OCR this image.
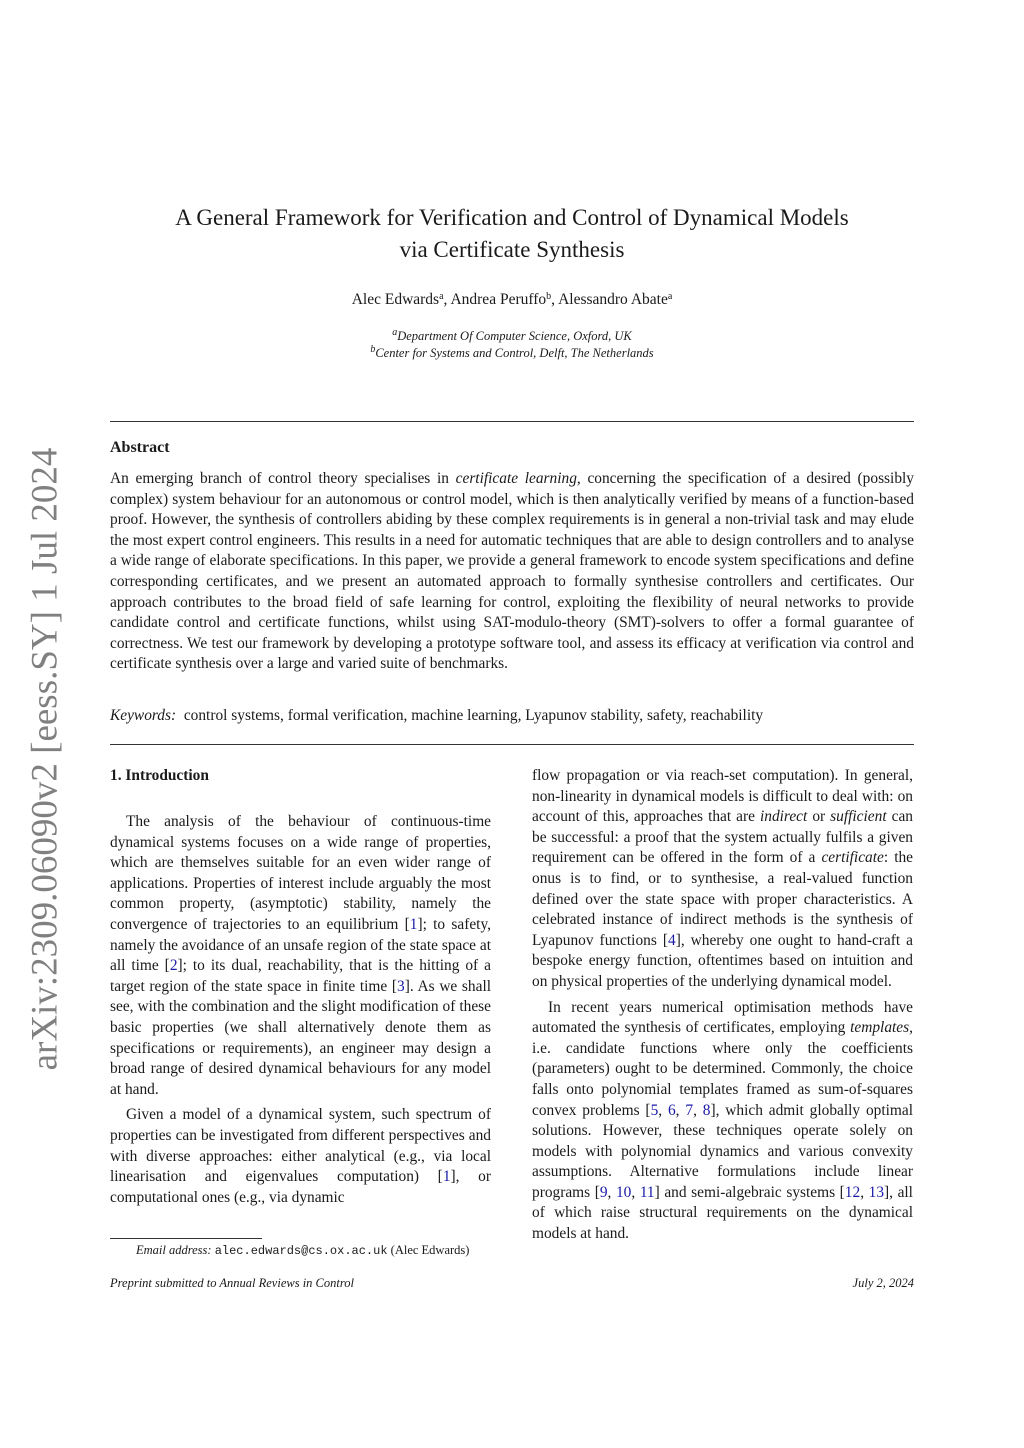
arXiv:2309.06090v2 [eess.SY] 1 Jul 2024
A General Framework for Verification and Control of Dynamical Models
via Certificate Synthesis
Alec Edwards$^a$, Andrea Peruffo$^b$, Alessandro Abate$^a$
$^a$Department Of Computer Science, Oxford, UK
$^b$Center for Systems and Control, Delft, The Netherlands
Abstract

An emerging branch of control theory specialises in certificate learning, concerning the specification of a desired (possibly complex) system behaviour for an autonomous or control model, which is then analytically verified by means of a function-based proof. However, the synthesis of controllers abiding by these complex requirements is in general a non-trivial task and may elude the most expert control engineers. This results in a need for automatic techniques that are able to design controllers and to analyse a wide range of elaborate specifications. In this paper, we provide a general framework to encode system specifications and define corresponding certificates, and we present an automated approach to formally synthesise controllers and certificates. Our approach contributes to the broad field of safe learning for control, exploiting the flexibility of neural networks to provide candidate control and certificate functions, whilst using SAT-modulo-theory (SMT)-solvers to offer a formal guarantee of correctness. We test our framework by developing a prototype software tool, and assess its efficacy at verification via control and certificate synthesis over a large and varied suite of benchmarks.

Keywords: control systems, formal verification, machine learning, Lyapunov stability, safety, reachability
1. Introduction

The analysis of the behaviour of continuous-time dynamical systems focuses on a wide range of properties, which are themselves suitable for an even wider range of applications. Properties of interest include arguably the most common property, (asymptotic) stability, namely the convergence of trajectories to an equilibrium [1]; to safety, namely the avoidance of an unsafe region of the state space at all time [2]; to its dual, reachability, that is the hitting of a target region of the state space in finite time [3]. As we shall see, with the combination and the slight modification of these basic properties (we shall alternatively denote them as specifications or requirements), an engineer may design a broad range of desired dynamical behaviours for any model at hand.

Given a model of a dynamical system, such spectrum of properties can be investigated from different perspectives and with diverse approaches: either analytical (e.g., via local linearisation and eigenvalues computation) [1], or computational ones (e.g., via dynamic

flow propagation or via reach-set computation). In general, non-linearity in dynamical models is difficult to deal with: on account of this, approaches that are indirect or sufficient can be successful: a proof that the system actually fulfils a given requirement can be offered in the form of a certificate: the onus is to find, or to synthesise, a real-valued function defined over the state space with proper characteristics. A celebrated instance of indirect methods is the synthesis of Lyapunov functions [4], whereby one ought to hand-craft a bespoke energy function, oftentimes based on intuition and on physical properties of the underlying dynamical model.

In recent years numerical optimisation methods have automated the synthesis of certificates, employing templates, i.e. candidate functions where only the coefficients (parameters) ought to be determined. Commonly, the choice falls onto polynomial templates framed as sum-of-squares convex problems [5, 6, 7, 8], which admit globally optimal solutions. However, these techniques operate solely on models with polynomial dynamics and various convexity assumptions. Alternative formulations include linear programs [9, 10, 11] and semi-algebraic systems [12, 13], all of which raise structural requirements on the dynamical models at hand.

Email address: alec.edwards@cs.ox.ac.uk (Alec Edwards)
Preprint submitted to Annual Reviews in Control	July 2, 2024
